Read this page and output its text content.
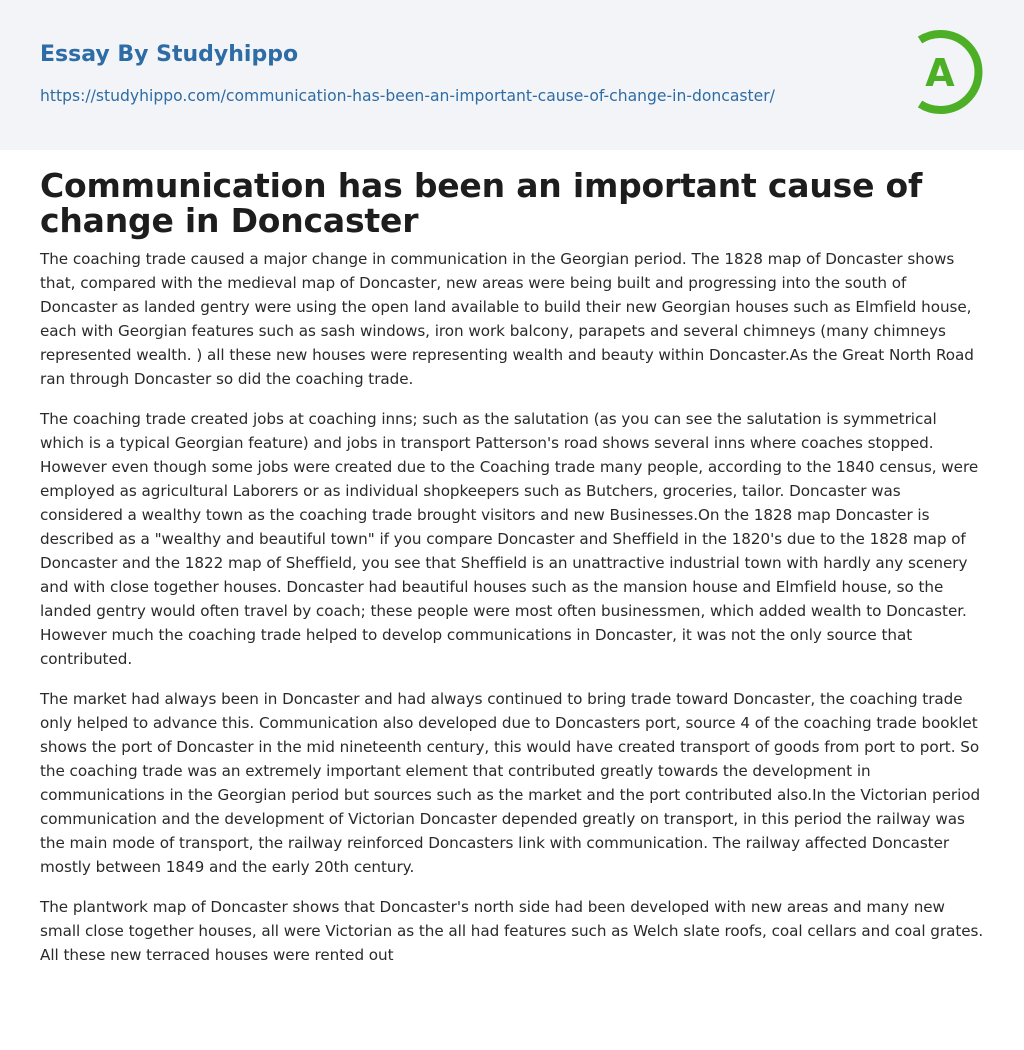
Essay By Studyhippo
https://studyhippo.com/communication-has-been-an-important-cause-of-change-in-doncaster/
A
Communication has been an important cause of change in Doncaster

The coaching trade caused a major change in communication in the Georgian period. The 1828 map of Doncaster shows that, compared with the medieval map of Doncaster, new areas were being built and progressing into the south of Doncaster as landed gentry were using the open land available to build their new Georgian houses such as Elmfield house, each with Georgian features such as sash windows, iron work balcony, parapets and several chimneys (many chimneys represented wealth. ) all these new houses were representing wealth and beauty within Doncaster.As the Great North Road ran through Doncaster so did the coaching trade.

The coaching trade created jobs at coaching inns; such as the salutation (as you can see the salutation is symmetrical which is a typical Georgian feature) and jobs in transport Patterson's road shows several inns where coaches stopped. However even though some jobs were created due to the Coaching trade many people, according to the 1840 census, were employed as agricultural Laborers or as individual shopkeepers such as Butchers, groceries, tailor. Doncaster was considered a wealthy town as the coaching trade brought visitors and new Businesses.On the 1828 map Doncaster is described as a "wealthy and beautiful town" if you compare Doncaster and Sheffield in the 1820's due to the 1828 map of Doncaster and the 1822 map of Sheffield, you see that Sheffield is an unattractive industrial town with hardly any scenery and with close together houses. Doncaster had beautiful houses such as the mansion house and Elmfield house, so the landed gentry would often travel by coach; these people were most often businessmen, which added wealth to Doncaster. However much the coaching trade helped to develop communications in Doncaster, it was not the only source that contributed.

The market had always been in Doncaster and had always continued to bring trade toward Doncaster, the coaching trade only helped to advance this. Communication also developed due to Doncasters port, source 4 of the coaching trade booklet shows the port of Doncaster in the mid nineteenth century, this would have created transport of goods from port to port. So the coaching trade was an extremely important element that contributed greatly towards the development in communications in the Georgian period but sources such as the market and the port contributed also.In the Victorian period communication and the development of Victorian Doncaster depended greatly on transport, in this period the railway was the main mode of transport, the railway reinforced Doncasters link with communication. The railway affected Doncaster mostly between 1849 and the early 20th century.

The plantwork map of Doncaster shows that Doncaster's north side had been developed with new areas and many new small close together houses, all were Victorian as the all had features such as Welch slate roofs, coal cellars and coal grates. All these new terraced houses were rented out
